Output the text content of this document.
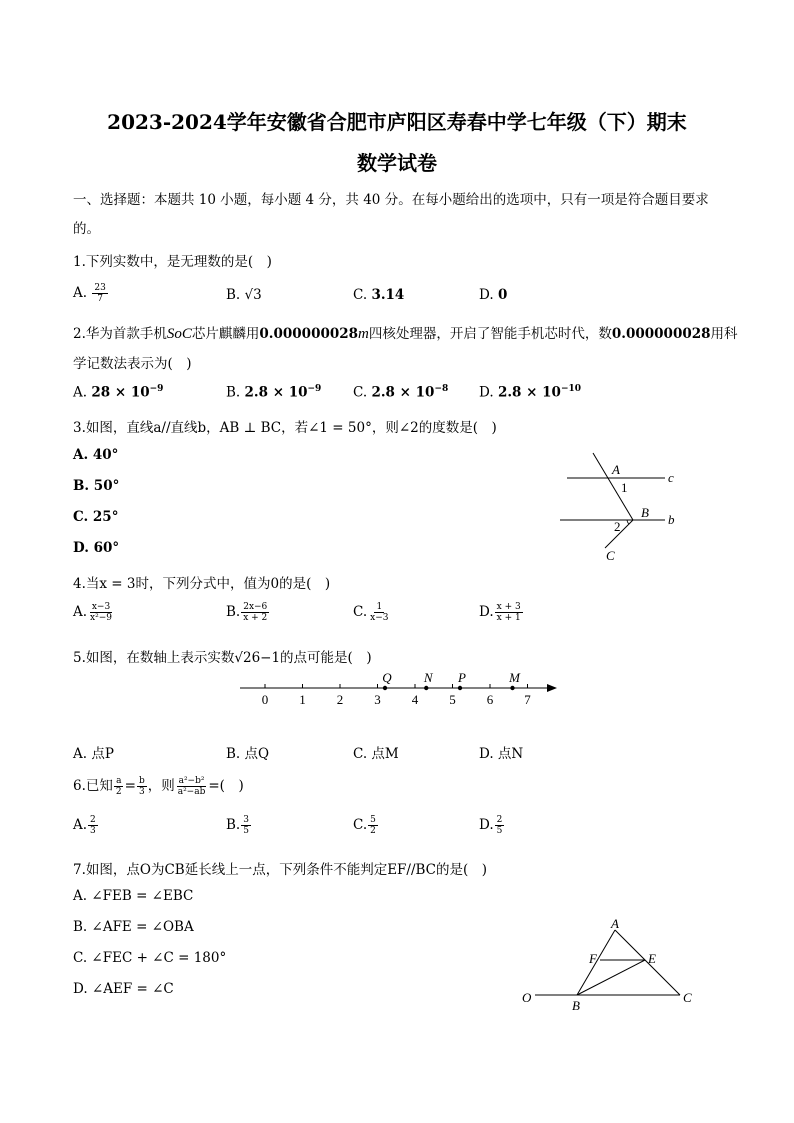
2023-2024学年安徽省合肥市庐阳区寿春中学七年级（下）期末
数学试卷
一、选择题：本题共 10 小题，每小题 4 分，共 40 分。在每小题给出的选项中，只有一项是符合题目要求
的。
1.下列实数中，是无理数的是(　)
A. $\frac{23}{7}$	B. √3	C. 3.14	D. 0
2.华为首款手机SoC芯片麒麟用0.000000028m四核处理器，开启了智能手机芯时代，数0.000000028用科
学记数法表示为(　)
A. $28 \times 10^{-9}$	B. $2.8 \times 10^{-9}$ C. $2.8 \times 10^{-8}$ D. $2.8 \times 10^{-10}$
3.如图，直线a//直线b，AB ⊥ BC，若∠1 = 50°，则∠2的度数是(　)
A. 40°
B. 50°
C. 25°
D. 60°
A
c
1
B b
2
C
4.当x = 3时，下列分式中，值为0的是(　)
A. $\frac{x-3}{\text{x²−9}}$	B. $\frac{2x-6}{x + 2}$	C. $\frac{1}{x-3}$	D. $\frac{x + 3}{x + 1}$
5.如图，在数轴上表示实数√26−1的点可能是(　)
0 1 2 3 4 5 6 7
Q N P	M
A. 点P	B. 点Q	C. 点M	D. 点N
6.已知 $\frac{a}{2} = \frac{b}{3}$ ，则 $\frac{\text{a²−b²}}{\text{a²−ab}}$ =(　)
A. $\frac{2}{3}$	B. $\frac{3}{5}$	C. $\frac{5}{2}$	D. $\frac{2}{5}$
7.如图，点O为CB延长线上一点，下列条件不能判定EF//BC的是(　)
A. ∠FEB = ∠EBC
B. ∠AFE = ∠OBA
C. ∠FEC + ∠C = 180°
D. ∠AEF = ∠C
A
F	E
O
B
C
